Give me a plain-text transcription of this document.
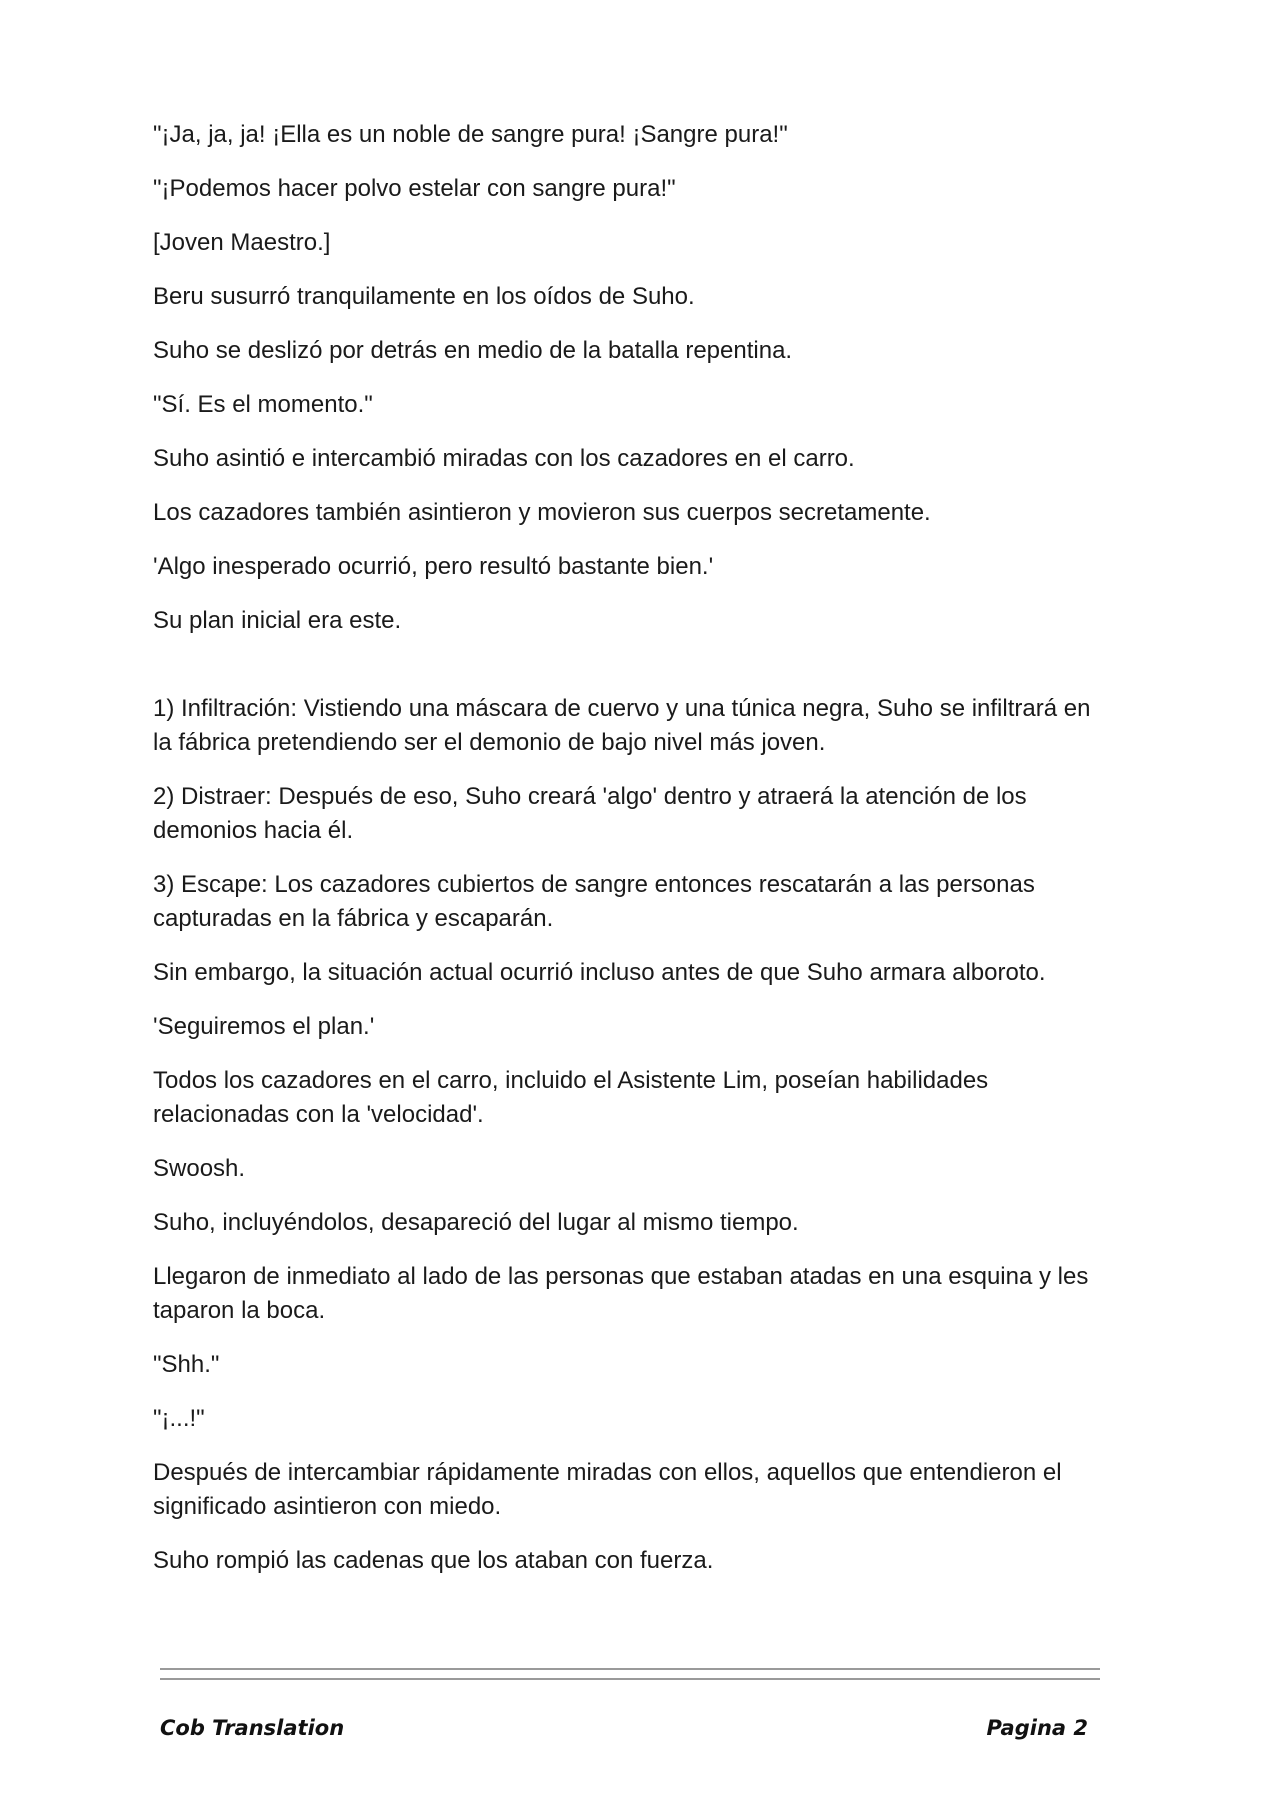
"¡Ja, ja, ja! ¡Ella es un noble de sangre pura! ¡Sangre pura!"

"¡Podemos hacer polvo estelar con sangre pura!"

[Joven Maestro.]

Beru susurró tranquilamente en los oídos de Suho.

Suho se deslizó por detrás en medio de la batalla repentina.

"Sí. Es el momento."

Suho asintió e intercambió miradas con los cazadores en el carro.

Los cazadores también asintieron y movieron sus cuerpos secretamente.

'Algo inesperado ocurrió, pero resultó bastante bien.'

Su plan inicial era este.

1) Infiltración: Vistiendo una máscara de cuervo y una túnica negra, Suho se infiltrará en la fábrica pretendiendo ser el demonio de bajo nivel más joven.

2) Distraer: Después de eso, Suho creará 'algo' dentro y atraerá la atención de los demonios hacia él.

3) Escape: Los cazadores cubiertos de sangre entonces rescatarán a las personas capturadas en la fábrica y escaparán.

Sin embargo, la situación actual ocurrió incluso antes de que Suho armara alboroto.

'Seguiremos el plan.'

Todos los cazadores en el carro, incluido el Asistente Lim, poseían habilidades relacionadas con la 'velocidad'.

Swoosh.

Suho, incluyéndolos, desapareció del lugar al mismo tiempo.

Llegaron de inmediato al lado de las personas que estaban atadas en una esquina y les taparon la boca.

"Shh."

"¡...!"

Después de intercambiar rápidamente miradas con ellos, aquellos que entendieron el significado asintieron con miedo.

Suho rompió las cadenas que los ataban con fuerza.

Cob Translation	Pagina 2
